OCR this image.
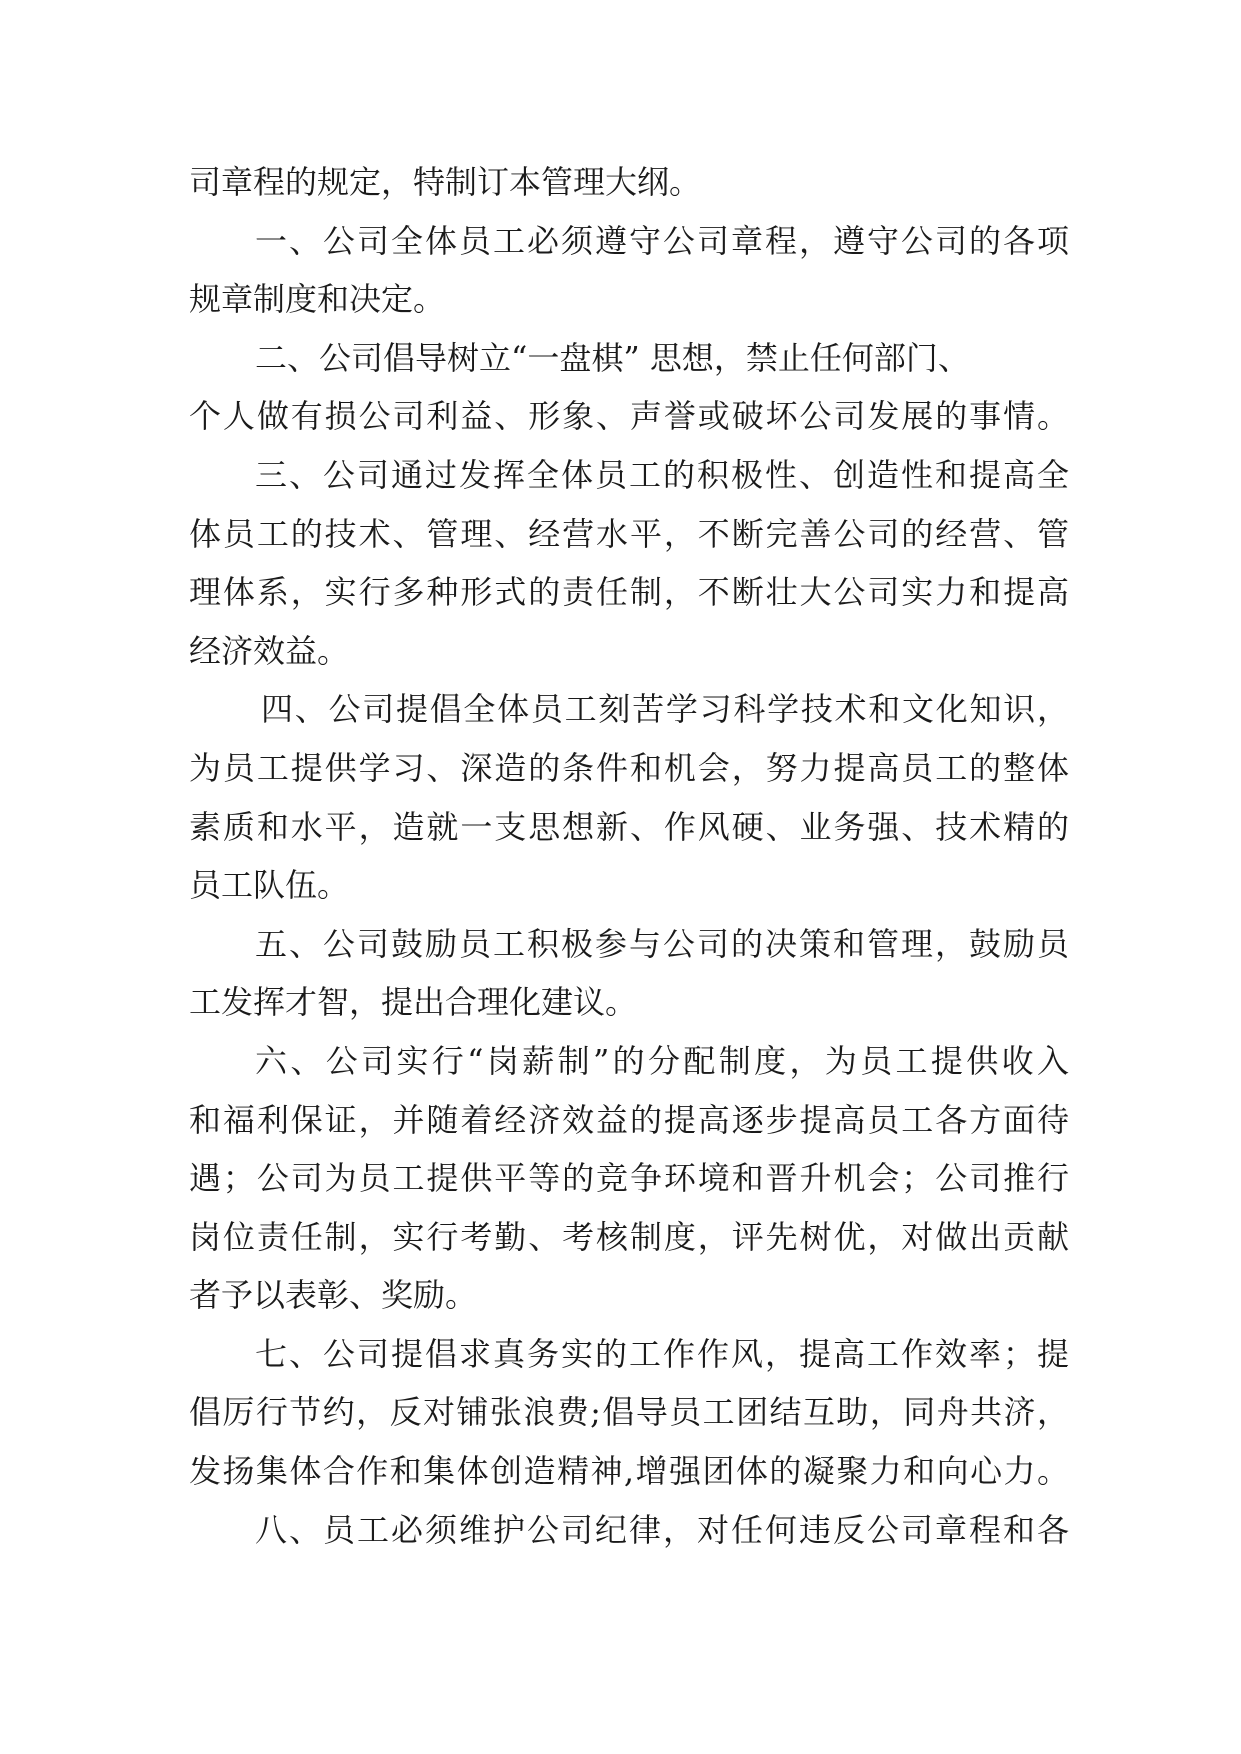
司章程的规定，特制订本管理大纲。
一、公司全体员工必须遵守公司章程，遵守公司的各项
规章制度和决定。
二、公司倡导树立“一盘棋” 思想，禁止任何部门、
个人做有损公司利益、形象、声誉或破坏公司发展的事情。
三、公司通过发挥全体员工的积极性、创造性和提高全
体员工的技术、管理、经营水平，不断完善公司的经营、管
理体系，实行多种形式的责任制，不断壮大公司实力和提高
经济效益。
四、公司提倡全体员工刻苦学习科学技术和文化知识，
为员工提供学习、深造的条件和机会，努力提高员工的整体
素质和水平，造就一支思想新、作风硬、业务强、技术精的
员工队伍。
五、公司鼓励员工积极参与公司的决策和管理，鼓励员
工发挥才智，提出合理化建议。
六、公司实行“岗薪制”的分配制度，为员工提供收入
和福利保证，并随着经济效益的提高逐步提高员工各方面待
遇；公司为员工提供平等的竞争环境和晋升机会；公司推行
岗位责任制，实行考勤、考核制度，评先树优，对做出贡献
者予以表彰、奖励。
七、公司提倡求真务实的工作作风，提高工作效率；提
倡厉行节约，反对铺张浪费;倡导员工团结互助，同舟共济，
发扬集体合作和集体创造精神,增强团体的凝聚力和向心力。
八、员工必须维护公司纪律，对任何违反公司章程和各
